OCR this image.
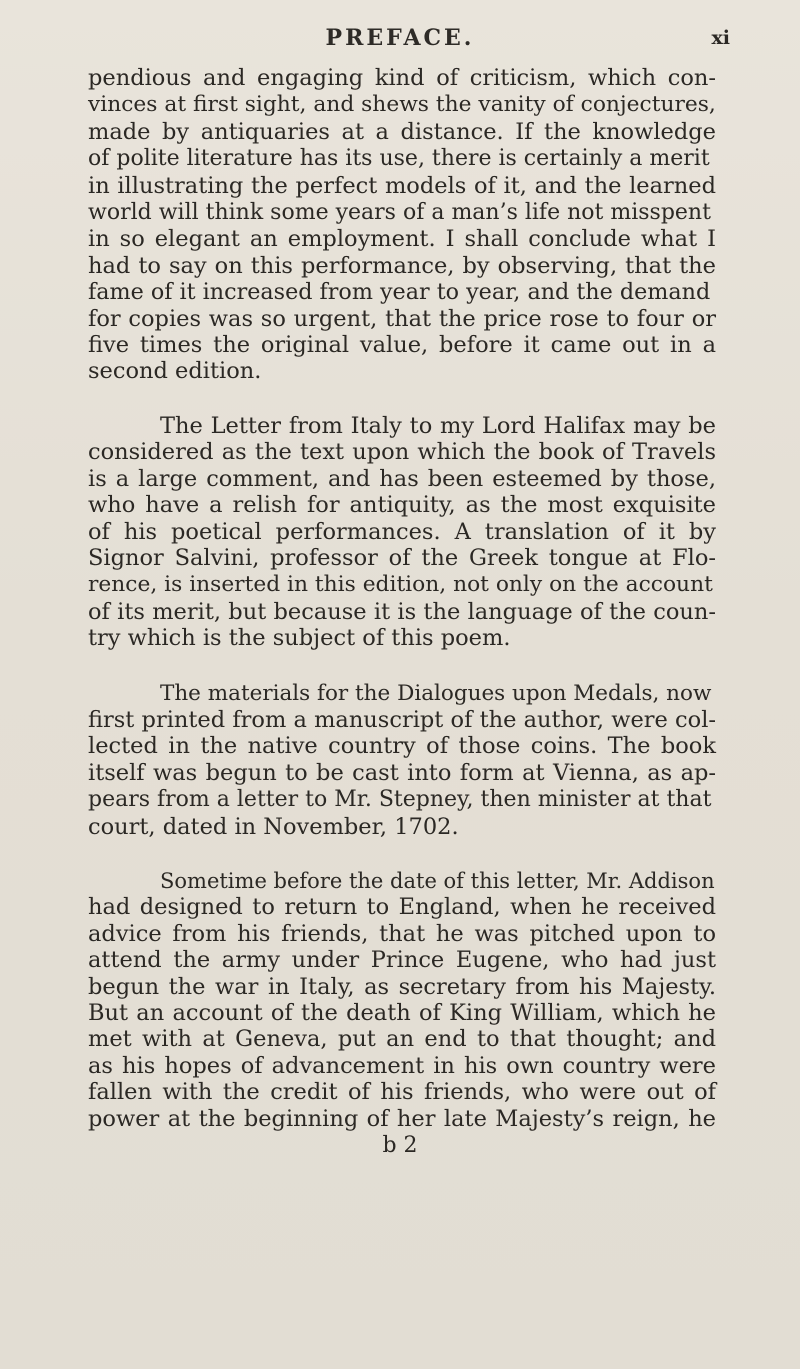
PREFACE.	xi

pendious and engaging kind of criticism, which con-

vinces at first sight, and shews the vanity of conjectures,

made by antiquaries at a distance. If the knowledge

of polite literature has its use, there is certainly a merit

in illustrating the perfect models of it, and the learned

world will think some years of a man’s life not misspent

in so elegant an employment. I shall conclude what I

had to say on this performance, by observing, that the

fame of it increased from year to year, and the demand

for copies was so urgent, that the price rose to four or

five times the original value, before it came out in a

second edition.

The Letter from Italy to my Lord Halifax may be

considered as the text upon which the book of Travels

is a large comment, and has been esteemed by those,

who have a relish for antiquity, as the most exquisite

of his poetical performances. A translation of it by

Signor Salvini, professor of the Greek tongue at Flo-

rence, is inserted in this edition, not only on the account

of its merit, but because it is the language of the coun-

try which is the subject of this poem.

The materials for the Dialogues upon Medals, now

first printed from a manuscript of the author, were col-

lected in the native country of those coins. The book

itself was begun to be cast into form at Vienna, as ap-

pears from a letter to Mr. Stepney, then minister at that

court, dated in November, 1702.

Sometime before the date of this letter, Mr. Addison

had designed to return to England, when he received

advice from his friends, that he was pitched upon to

attend the army under Prince Eugene, who had just

begun the war in Italy, as secretary from his Majesty.

But an account of the death of King William, which he

met with at Geneva, put an end to that thought; and

as his hopes of advancement in his own country were

fallen with the credit of his friends, who were out of

power at the beginning of her late Majesty’s reign, he

b 2
